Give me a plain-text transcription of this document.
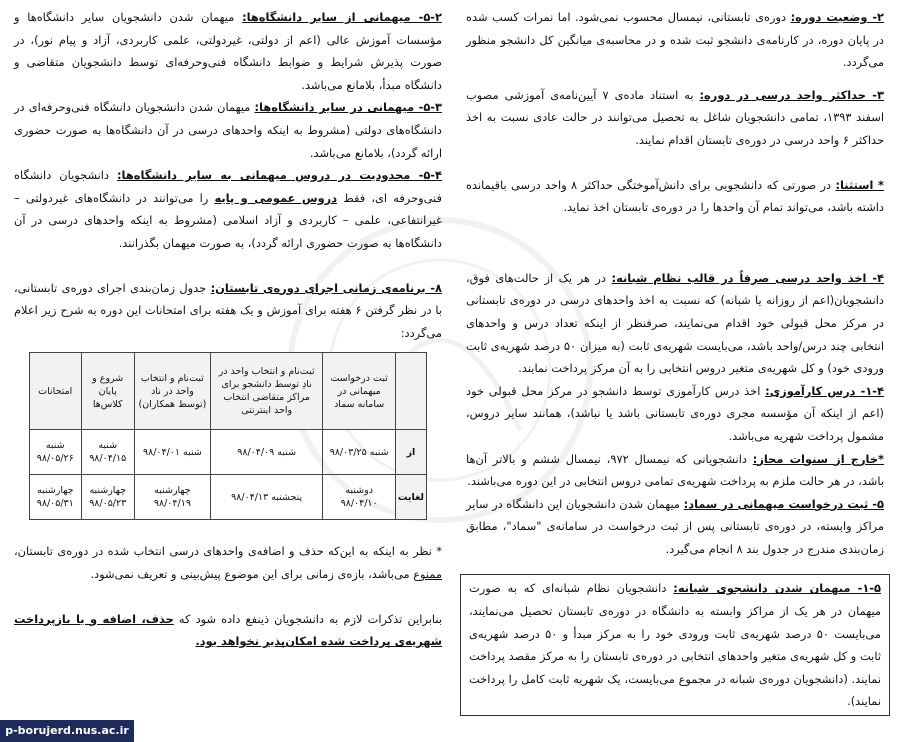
۲- وضعیت دوره: دوره‌ی تابستانی، نیمسال محسوب نمی‌شود. اما نمرات کسب شده در پایان دوره، در کارنامه‌ی دانشجو ثبت شده و در محاسبه‌ی میانگین کل دانشجو منظور می‌گردد.

۳- حداکثر واحد درسی در دوره: به استناد ماده‌ی ۷ آیین‌نامه‌ی آموزشی مصوب اسفند ۱۳۹۳، تمامی دانشجویان شاغل به تحصیل می‌توانند در حالت عادی نسبت به اخذ حداکثر ۶ واحد درسی در دوره‌ی تابستان اقدام نمایند.

* استثنا: در صورتی که دانشجویی برای دانش‌آموختگی حداکثر ۸ واحد درسی باقیمانده داشته باشد، می‌تواند تمام آن واحدها را در دوره‌ی تابستان اخذ نماید.

۴- اخذ واحد درسی صرفاً در قالب نظام شبانه: در هر یک از حالت‌های فوق، دانشجویان(اعم از روزانه یا شبانه) که نسبت به اخذ واحدهای درسی در دوره‌ی تابستانی در مرکز محل قبولی خود اقدام می‌نمایند، صرفنظر از اینکه تعداد درس و واحدهای انتخابی چند درس/واحد باشد، می‌بایست شهریه‌ی ثابت (به میزان ۵۰ درصد شهریه‌ی ثابت ورودی خود) و کل شهریه‌ی متغیر دروس انتخابی را به آن مرکز پرداخت نمایند.

۱-۴- درس کارآموزی: اخذ درس کارآموزی توسط دانشجو در مرکز محل قبولی خود (اعم از اینکه آن مؤسسه مجری دوره‌ی تابستانی باشد یا نباشد)، همانند سایر دروس، مشمول پرداخت شهریه می‌باشد.

*خارج از سنوات مجاز: دانشجویانی که نیمسال ۹۷۲، نیمسال ششم و بالاتر آن‌ها باشد، در هر حالت ملزم به پرداخت شهریه‌ی تمامی دروس انتخابی در این دوره می‌باشند.

۵- ثبت درخواست میهمانی در سماد: میهمان شدن دانشجویان این دانشگاه در سایر مراکز وابسته، در دوره‌ی تابستانی پس از ثبت درخواست در سامانه‌ی "سماد"، مطابق زمان‌بندی مندرج در جدول بند ۸ انجام می‌گیرد.

۱-۵- میهمان شدن دانشجوی شبانه: دانشجویان نظام شبانه‌ای که به صورت میهمان در هر یک از مراکز وابسته به دانشگاه در دوره‌ی تابستان تحصیل می‌نمایند، می‌بایست ۵۰ درصد شهریه‌ی ثابت ورودی خود را به مرکز مبدأ و ۵۰ درصد شهریه‌ی ثابت و کل شهریه‌ی متغیر واحدهای انتخابی در دوره‌ی تابستان را به مرکز مقصد پرداخت نمایند. (دانشجویان دوره‌ی شبانه در مجموع می‌بایست، یک شهریه ثابت کامل را پرداخت نمایند).

۵-۲- میهمانی از سایر دانشگاه‌ها: میهمان شدن دانشجویان سایر دانشگاه‌ها و مؤسسات آموزش عالی (اعم از دولتی، غیردولتی، علمی کاربردی، آزاد و پیام نور)، در صورت پذیرش شرایط و ضوابط دانشگاه فنی‌وحرفه‌ای توسط دانشجویان متقاضی و دانشگاه مبدأ، بلامانع می‌باشد.

۵-۳- میهمانی در سایر دانشگاه‌ها: میهمان شدن دانشجویان دانشگاه فنی‌وحرفه‌ای در دانشگاه‌های دولتی (مشروط به اینکه واحدهای درسی در آن دانشگاه‌ها به صورت حضوری ارائه گردد)، بلامانع می‌باشد.

۵-۴- محدودیت در دروس میهمانی به سایر دانشگاه‌ها: دانشجویان دانشگاه فنی‌وحرفه ای، فقط دروس عمومی و پایه را می‌توانند در دانشگاه‌های غیردولتی – غیرانتفاعی، علمی – کاربردی و آزاد اسلامی (مشروط به اینکه واحدهای درسی در آن دانشگاه‌ها به صورت حضوری ارائه گردد)، به صورت میهمان بگذرانند.

۸- برنامه‌ی زمانی اجرای دوره‌ی تابستان: جدول زمان‌بندی اجرای دوره‌ی تابستانی، با در نظر گرفتن ۶ هفته برای آموزش و یک هفته برای امتحانات این دوره به شرح زیر اعلام می‌گردد:

	ثبت درخواست میهمانی در سامانه سماد	ثبت‌نام و انتخاب واحد در نادِ توسط دانشجو برای مراکز متقاضی انتخاب واحد اینترنتی	ثبت‌نام و انتخاب واحد در ناد (توسط همکاران)	شروع و پایان کلاس‌ها	امتحانات
از	شنبه ۹۸/۰۳/۲۵	شنبه ۹۸/۰۴/۰۹	شنبه ۹۸/۰۴/۰۱	شنبه ۹۸/۰۴/۱۵	شنبه ۹۸/۰۵/۲۶
لغایت	دوشنبه ۹۸/۰۴/۱۰	پنجشنبه ۹۸/۰۴/۱۳	چهارشنبه ۹۸/۰۴/۱۹	چهارشنبه ۹۸/۰۵/۲۳	چهارشنبه ۹۸/۰۵/۳۱

* نظر به اینکه به این‌که حذف و اضافه‌ی واحدهای درسی انتخاب شده در دوره‌ی تابستان، ممنوع می‌باشد، بازه‌ی زمانی برای این موضوع پیش‌بینی و تعریف نمی‌شود.

بنابراین تذکرات لازم به دانشجویان ذینفع داده شود که حذف، اضافه و یا بازپرداخت شهریه‌ی پرداخت شده امکان‌پذیر نخواهد بود.

p-borujerd.nus.ac.ir
